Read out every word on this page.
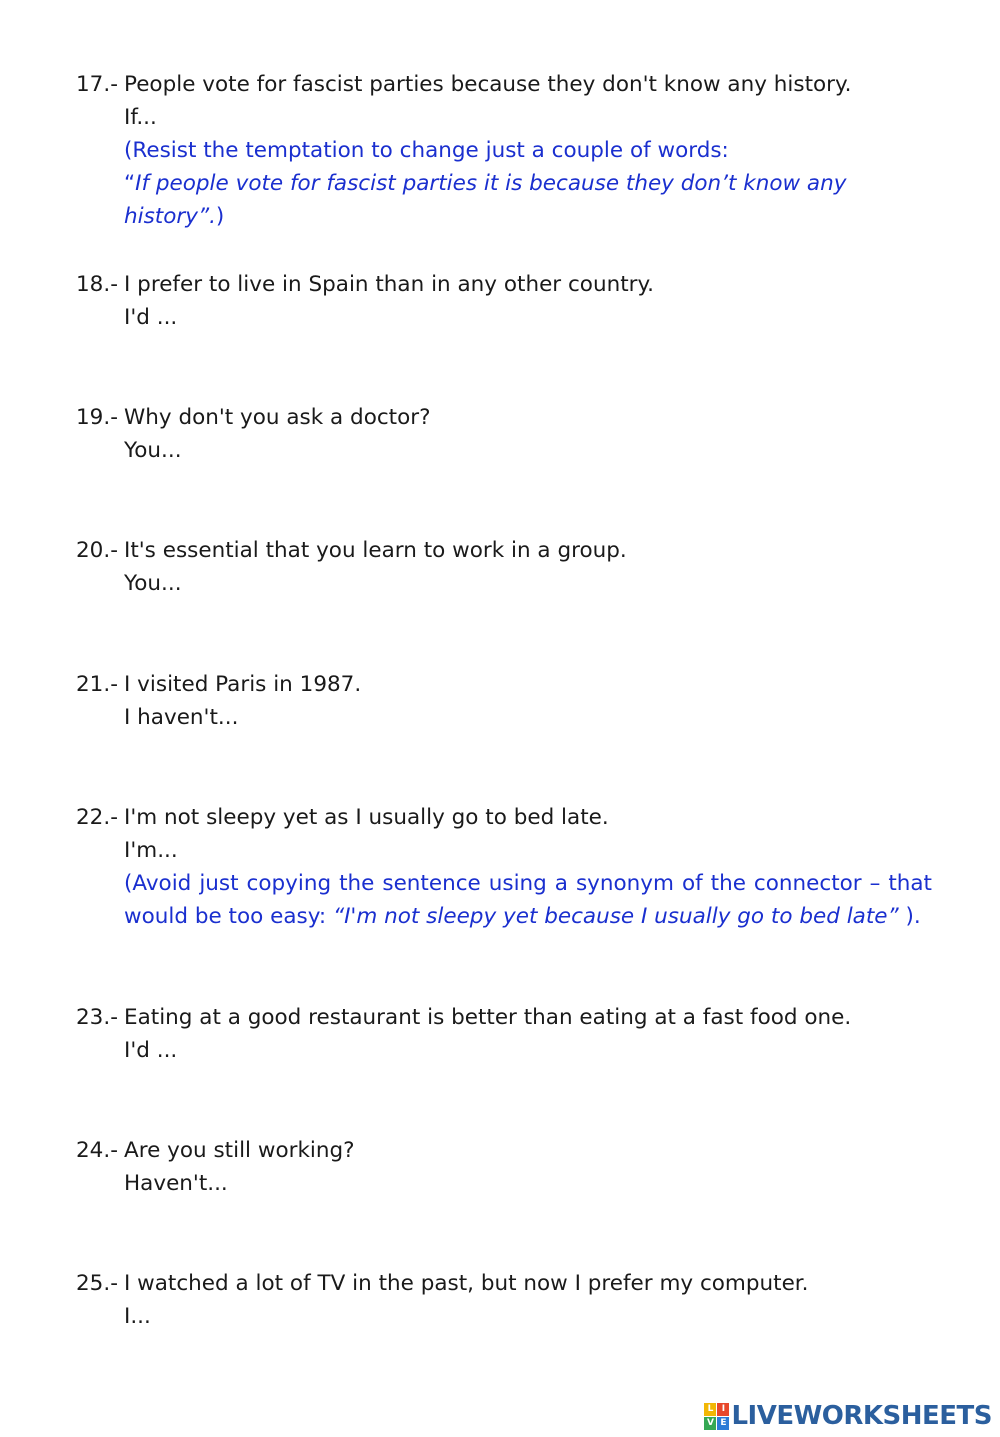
17.- People vote for fascist parties because they don't know any history.
If...
(Resist the temptation to change just a couple of words:
“If people vote for fascist parties it is because they don’t know any history”.)
18.- I prefer to live in Spain than in any other country.
I'd ...
19.- Why don't you ask a doctor?
You...
20.- It's essential that you learn to work in a group.
You...
21.- I visited Paris in 1987.
I haven't...
22.- I'm not sleepy yet as I usually go to bed late.
I'm...
(Avoid just copying the sentence using a synonym of the connector – that would be too easy: “I'm not sleepy yet because I usually go to bed late” ).
23.- Eating at a good restaurant is better than eating at a fast food one.
I'd ...
24.- Are you still working?
Haven't...
25.- I watched a lot of TV in the past, but now I prefer my computer.
I...
L I
V E LIVEWORKSHEETS
